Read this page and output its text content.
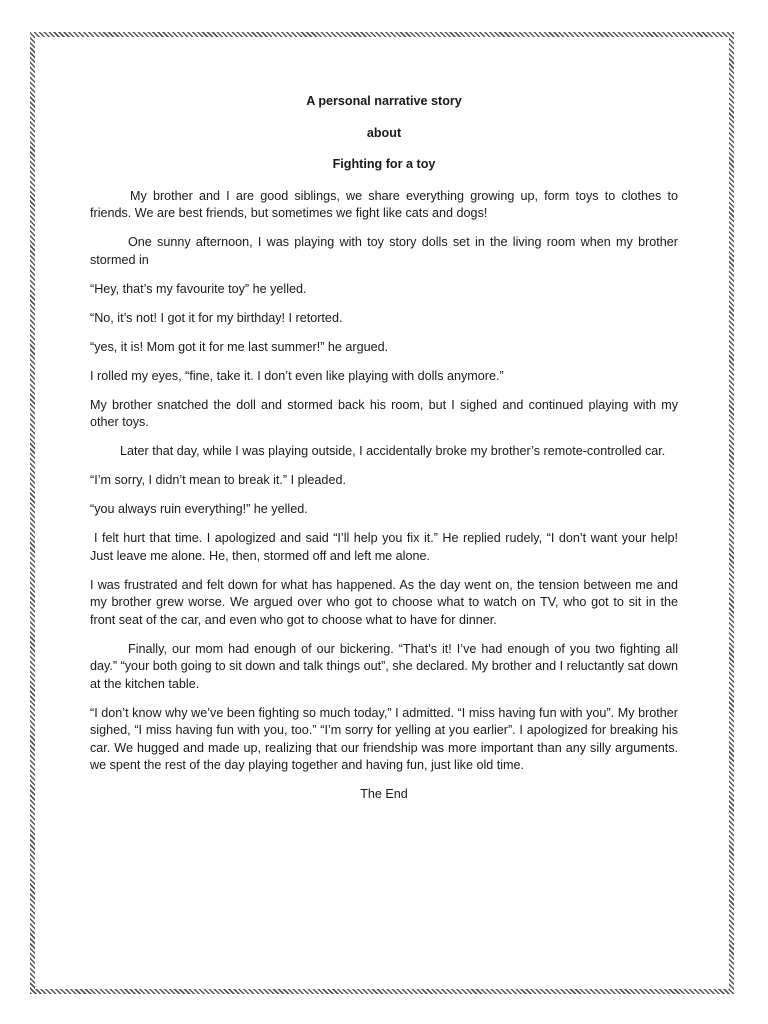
A personal narrative story
about
Fighting for a toy

My brother and I are good siblings, we share everything growing up, form toys to clothes to friends. We are best friends, but sometimes we fight like cats and dogs!

One sunny afternoon, I was playing with toy story dolls set in the living room when my brother stormed in

“Hey, that’s my favourite toy” he yelled.

“No, it’s not! I got it for my birthday! I retorted.

“yes, it is! Mom got it for me last summer!” he argued.

I rolled my eyes, “fine, take it. I don’t even like playing with dolls anymore.”

My brother snatched the doll and stormed back his room, but I sighed and continued playing with my other toys.

Later that day, while I was playing outside, I accidentally broke my brother’s remote-controlled car.

“I’m sorry, I didn’t mean to break it.” I pleaded.

“you always ruin everything!” he yelled.

I felt hurt that time. I apologized and said “I’ll help you fix it.” He replied rudely, “I don’t want your help! Just leave me alone. He, then, stormed off and left me alone.

I was frustrated and felt down for what has happened. As the day went on, the tension between me and my brother grew worse. We argued over who got to choose what to watch on TV, who got to sit in the front seat of the car, and even who got to choose what to have for dinner.

Finally, our mom had enough of our bickering. “That’s it! I’ve had enough of you two fighting all day.” “your both going to sit down and talk things out”, she declared. My brother and I reluctantly sat down at the kitchen table.

“I don’t know why we’ve been fighting so much today,” I admitted. “I miss having fun with you”. My brother sighed, “I miss having fun with you, too.” “I’m sorry for yelling at you earlier”. I apologized for breaking his car. We hugged and made up, realizing that our friendship was more important than any silly arguments. we spent the rest of the day playing together and having fun, just like old time.

The End
